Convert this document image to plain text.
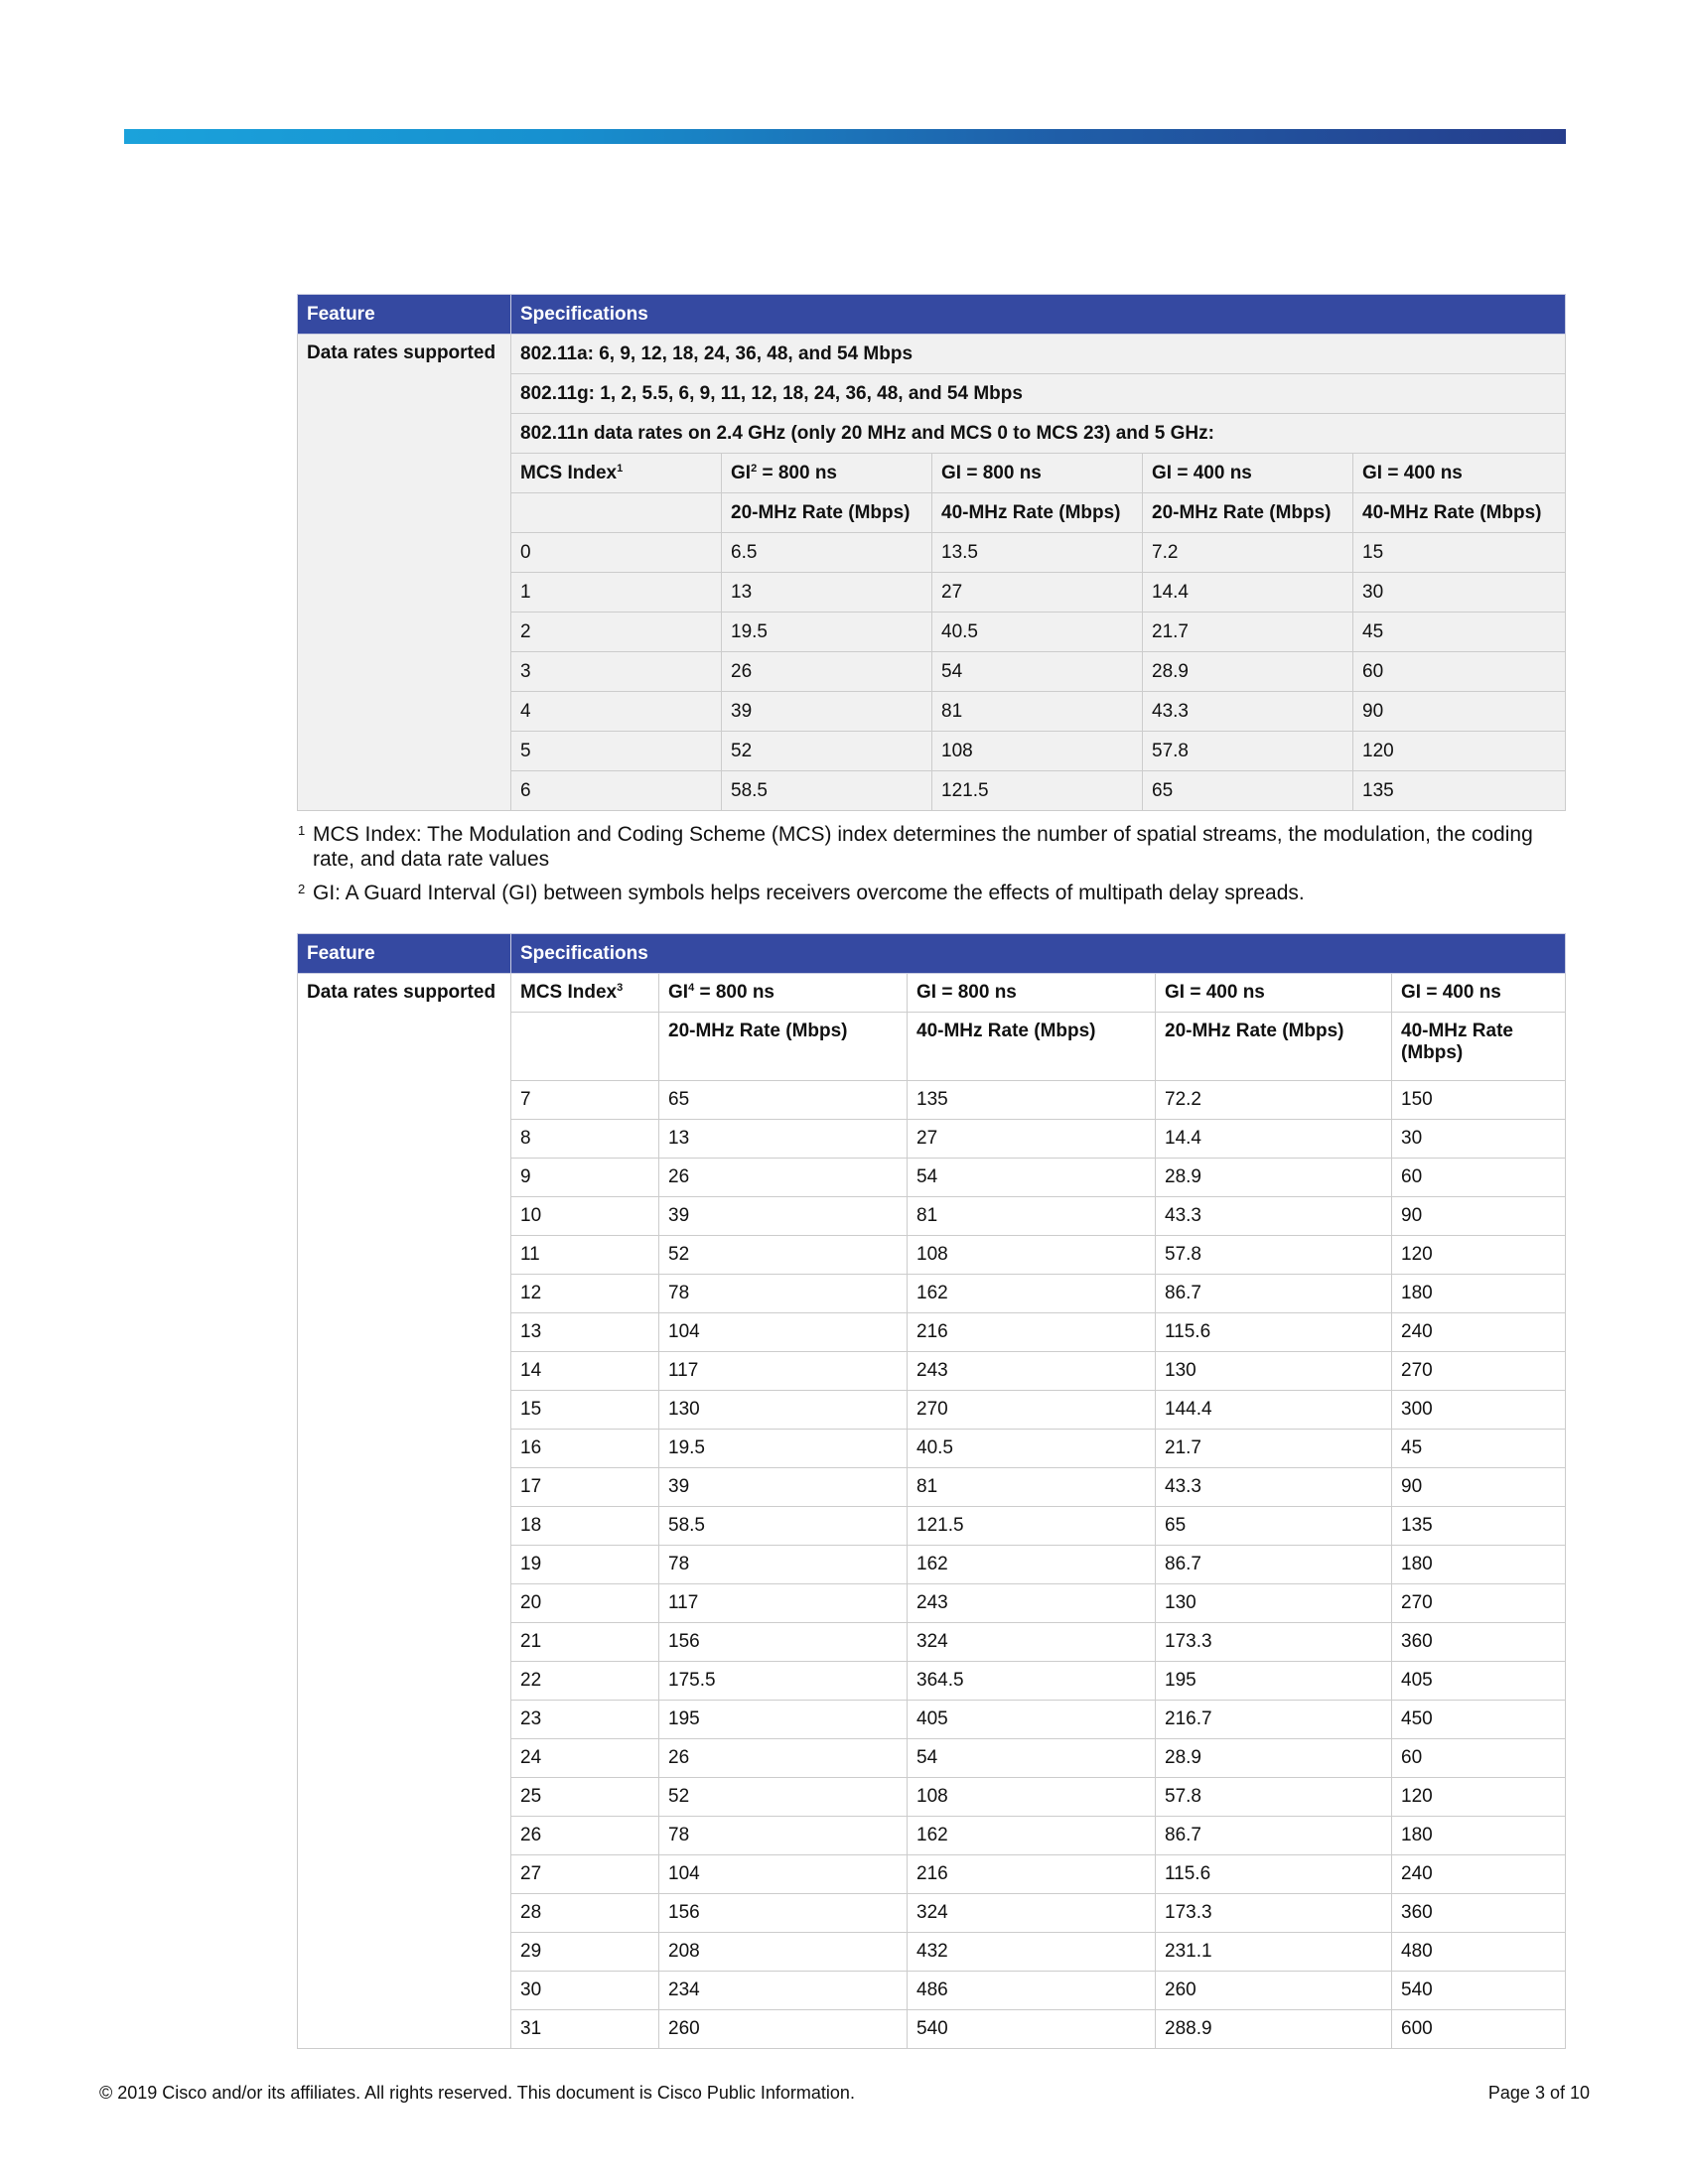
Feature	Specifications				
Data rates supported	802.11a: 6, 9, 12, 18, 24, 36, 48, and 54 Mbps				
	802.11g: 1, 2, 5.5, 6, 9, 11, 12, 18, 24, 36, 48, and 54 Mbps				
	802.11n data rates on 2.4 GHz (only 20 MHz and MCS 0 to MCS 23) and 5 GHz:				
	MCS Index$^1$	$GI^2 = 800$ ns	GI = 800 ns	GI = 400 ns	GI = 400 ns
		20-MHz Rate (Mbps)	40-MHz Rate (Mbps)	20-MHz Rate (Mbps)	40-MHz Rate (Mbps)
	0	6.5	13.5	7.2	15
	1	13	27	14.4	30
	2	19.5	40.5	21.7	45
	3	26	54	28.9	60
	4	39	81	43.3	90
	5	52	108	57.8	120
	6	58.5	121.5	65	135
1 MCS Index: The Modulation and Coding Scheme (MCS) index determines the number of spatial streams, the modulation, the coding rate, and data rate values
2 GI: A Guard Interval (GI) between symbols helps receivers overcome the effects of multipath delay spreads.
Feature	Specifications				
Data rates supported	MCS Index$^3$	$GI^4 = 800$ ns	GI = 800 ns	GI = 400 ns	GI = 400 ns
		20-MHz Rate (Mbps)	40-MHz Rate (Mbps)	20-MHz Rate (Mbps)	40-MHz Rate (Mbps)
	7	65	135	72.2	150
	8	13	27	14.4	30
	9	26	54	28.9	60
	10	39	81	43.3	90
	11	52	108	57.8	120
	12	78	162	86.7	180
	13	104	216	115.6	240
	14	117	243	130	270
	15	130	270	144.4	300
	16	19.5	40.5	21.7	45
	17	39	81	43.3	90
	18	58.5	121.5	65	135
	19	78	162	86.7	180
	20	117	243	130	270
	21	156	324	173.3	360
	22	175.5	364.5	195	405
	23	195	405	216.7	450
	24	26	54	28.9	60
	25	52	108	57.8	120
	26	78	162	86.7	180
	27	104	216	115.6	240
	28	156	324	173.3	360
	29	208	432	231.1	480
	30	234	486	260	540
	31	260	540	288.9	600
© 2019 Cisco and/or its affiliates. All rights reserved. This document is Cisco Public Information.	Page 3 of 10
